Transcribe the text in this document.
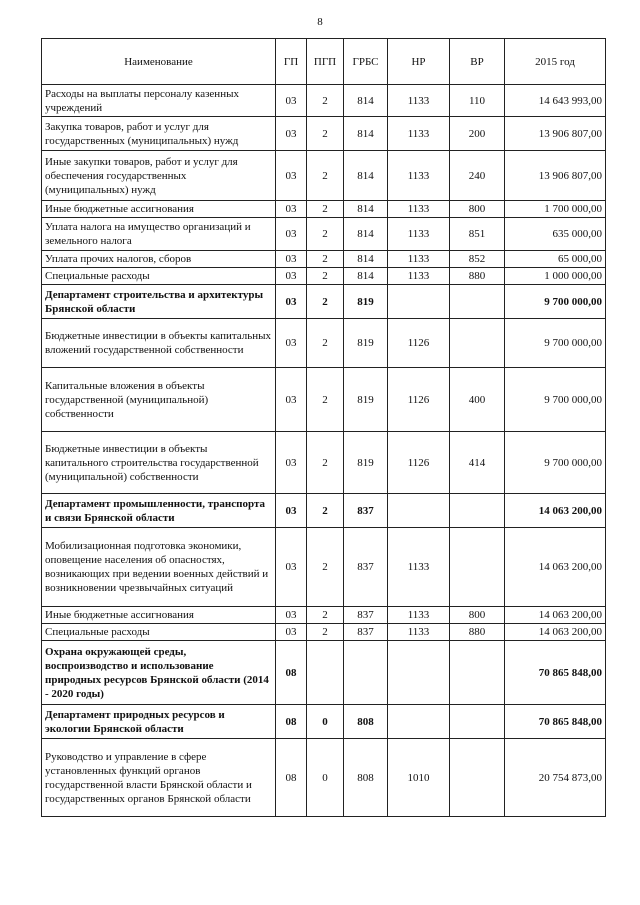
8
Наименование	ГП	ПГП	ГРБС	НР	ВР	2015 год
Расходы на выплаты персоналу казенных учреждений	03	2	814	1133	110	14 643 993,00
Закупка товаров, работ и услуг для государственных (муниципальных) нужд	03	2	814	1133	200	13 906 807,00
Иные закупки товаров, работ и услуг для обеспечения государственных (муниципальных) нужд	03	2	814	1133	240	13 906 807,00
Иные бюджетные ассигнования	03	2	814	1133	800	1 700 000,00
Уплата налога на имущество организаций и земельного налога	03	2	814	1133	851	635 000,00
Уплата прочих налогов, сборов	03	2	814	1133	852	65 000,00
Специальные расходы	03	2	814	1133	880	1 000 000,00
Департамент строительства и архитектуры Брянской области	03	2	819			9 700 000,00
Бюджетные инвестиции в объекты капитальных вложений государственной собственности	03	2	819	1126		9 700 000,00
Капитальные вложения в объекты государственной (муниципальной) собственности	03	2	819	1126	400	9 700 000,00
Бюджетные инвестиции в объекты капитального строительства государственной (муниципальной) собственности	03	2	819	1126	414	9 700 000,00
Департамент промышленности, транспорта и связи Брянской области	03	2	837			14 063 200,00
Мобилизационная подготовка экономики, оповещение населения об опасностях, возникающих при ведении военных действий и возникновении чрезвычайных ситуаций	03	2	837	1133		14 063 200,00
Иные бюджетные ассигнования	03	2	837	1133	800	14 063 200,00
Специальные расходы	03	2	837	1133	880	14 063 200,00
Охрана окружающей среды, воспроизводство и использование природных ресурсов Брянской области (2014 - 2020 годы)	08					70 865 848,00
Департамент природных ресурсов и экологии Брянской области	08	0	808			70 865 848,00
Руководство и управление в сфере установленных функций органов государственной власти Брянской области и государственных органов Брянской области	08	0	808	1010		20 754 873,00
